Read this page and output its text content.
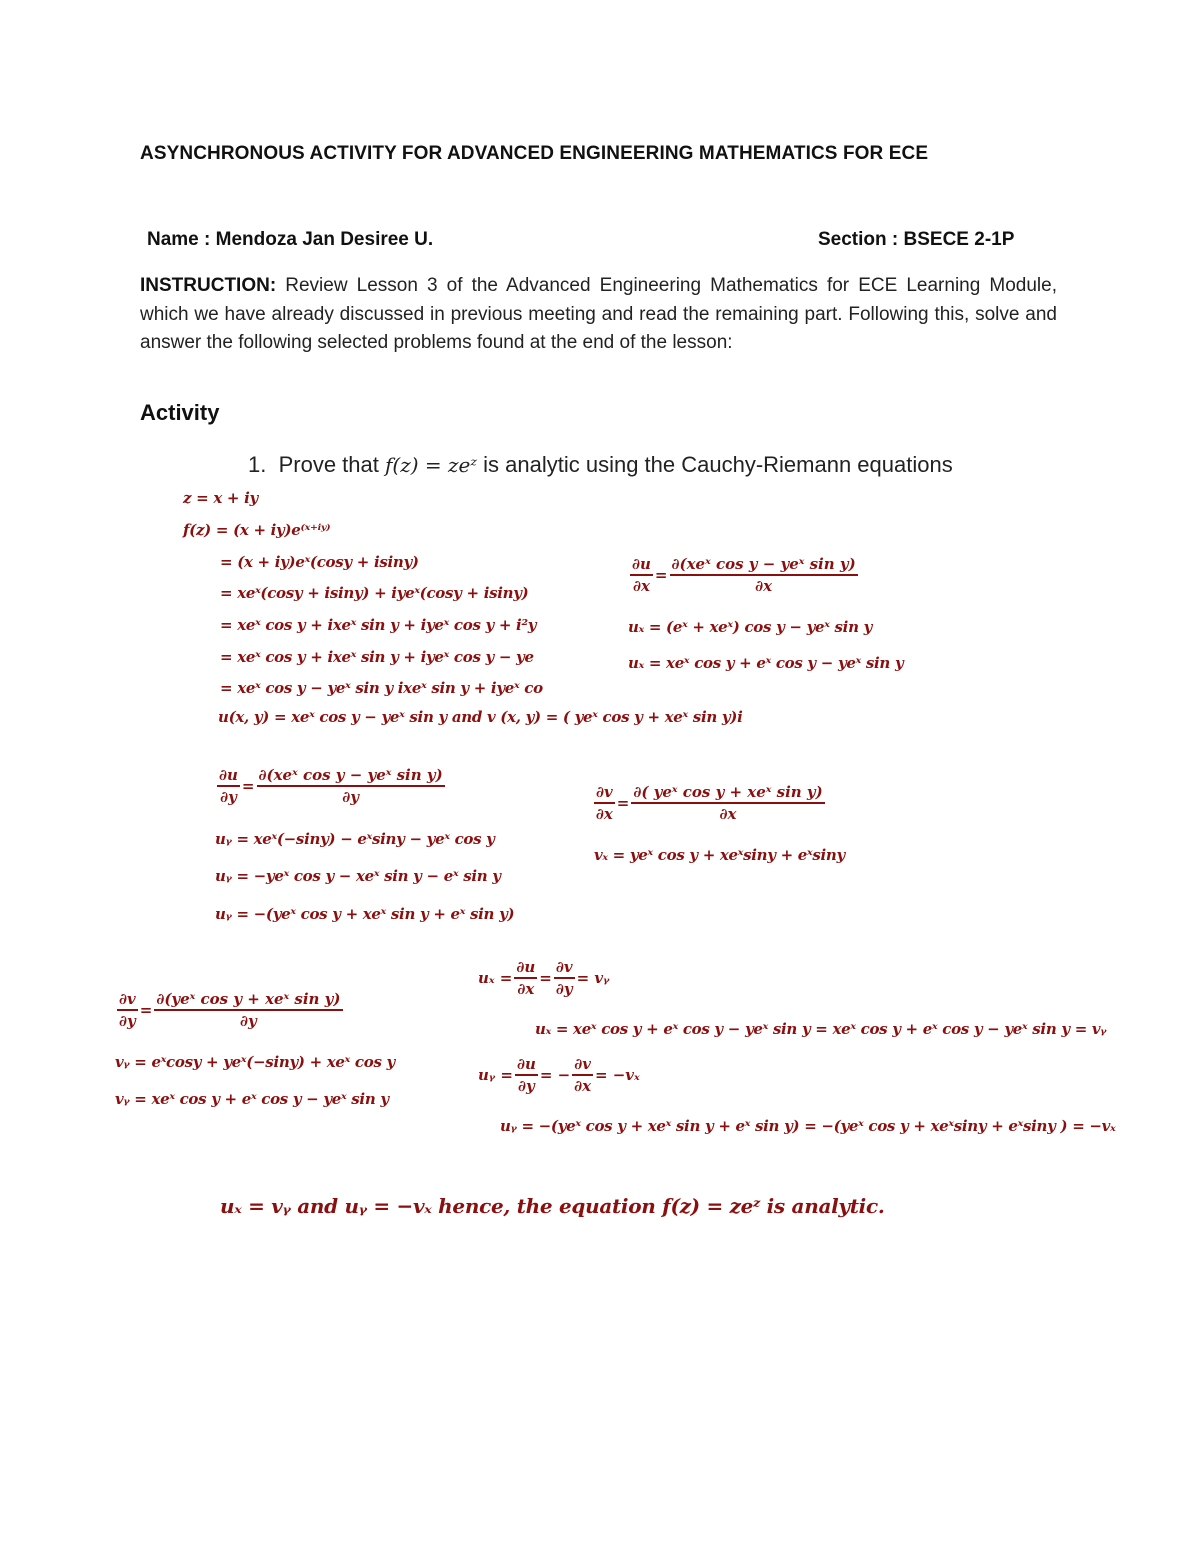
ASYNCHRONOUS ACTIVITY FOR ADVANCED ENGINEERING MATHEMATICS FOR ECE
Name : Mendoza Jan Desiree U.	Section : BSECE 2-1P
INSTRUCTION: Review Lesson 3 of the Advanced Engineering Mathematics for ECE Learning Module, which we have already discussed in previous meeting and read the remaining part. Following this, solve and answer the following selected problems found at the end of the lesson:
Activity
1. Prove that f(z) = zeᶻ is analytic using the Cauchy-Riemann equations
z = x + iy
f(z) = (x + iy)e⁽ˣ⁺ⁱʸ⁾
= (x + iy)eˣ(cosy + isiny)
= xeˣ(cosy + isiny) + iyeˣ(cosy + isiny)
= xeˣ cos y + ixeˣ sin y + iyeˣ cos y + i²y
= xeˣ cos y + ixeˣ sin y + iyeˣ cos y − ye
= xeˣ cos y − yeˣ sin y ixeˣ sin y + iyeˣ co
u(x, y) = xeˣ cos y − yeˣ sin y and v (x, y) = ( yeˣ cos y + xeˣ sin y)i
$\frac{\partial u}{\partial x}$ =
∂(xeˣ cos y − yeˣ sin y)
∂x
uₓ = (eˣ + xeˣ) cos y − yeˣ sin y
uₓ = xeˣ cos y + eˣ cos y − yeˣ sin y
$\frac{\partial u}{\partial y}$ =
∂(xeˣ cos y − yeˣ sin y)
∂y
uᵧ = xeˣ(−siny) − eˣsiny − yeˣ cos y
uᵧ = −yeˣ cos y − xeˣ sin y − eˣ sin y
uᵧ = −(yeˣ cos y + xeˣ sin y + eˣ sin y)
$\frac{\partial v}{\partial x}$ =
∂( yeˣ cos y + xeˣ sin y)
∂x
vₓ = yeˣ cos y + xeˣsiny + eˣsiny
$\frac{\partial v}{\partial y}$ =
∂(yeˣ cos y + xeˣ sin y)
∂y
vᵧ = eˣcosy + yeˣ(−siny) + xeˣ cos y
vᵧ = xeˣ cos y + eˣ cos y − yeˣ sin y
$u_x = \frac{\partial u}{\partial x} = \frac{\partial v}{\partial y}$ = vᵧ
uₓ = xeˣ cos y + eˣ cos y − yeˣ sin y = xeˣ cos y + eˣ cos y − yeˣ sin y = vᵧ
uᵧ = $\frac{\partial u}{\partial y}$ = − $\frac{\partial v}{\partial x} = -v_x$
uᵧ = −(yeˣ cos y + xeˣ sin y + eˣ sin y) = −(yeˣ cos y + xeˣsiny + eˣsiny ) = −vₓ
uₓ = vᵧ and uᵧ = −vₓ hence, the equation f(z) = zeᶻ is analytic.
